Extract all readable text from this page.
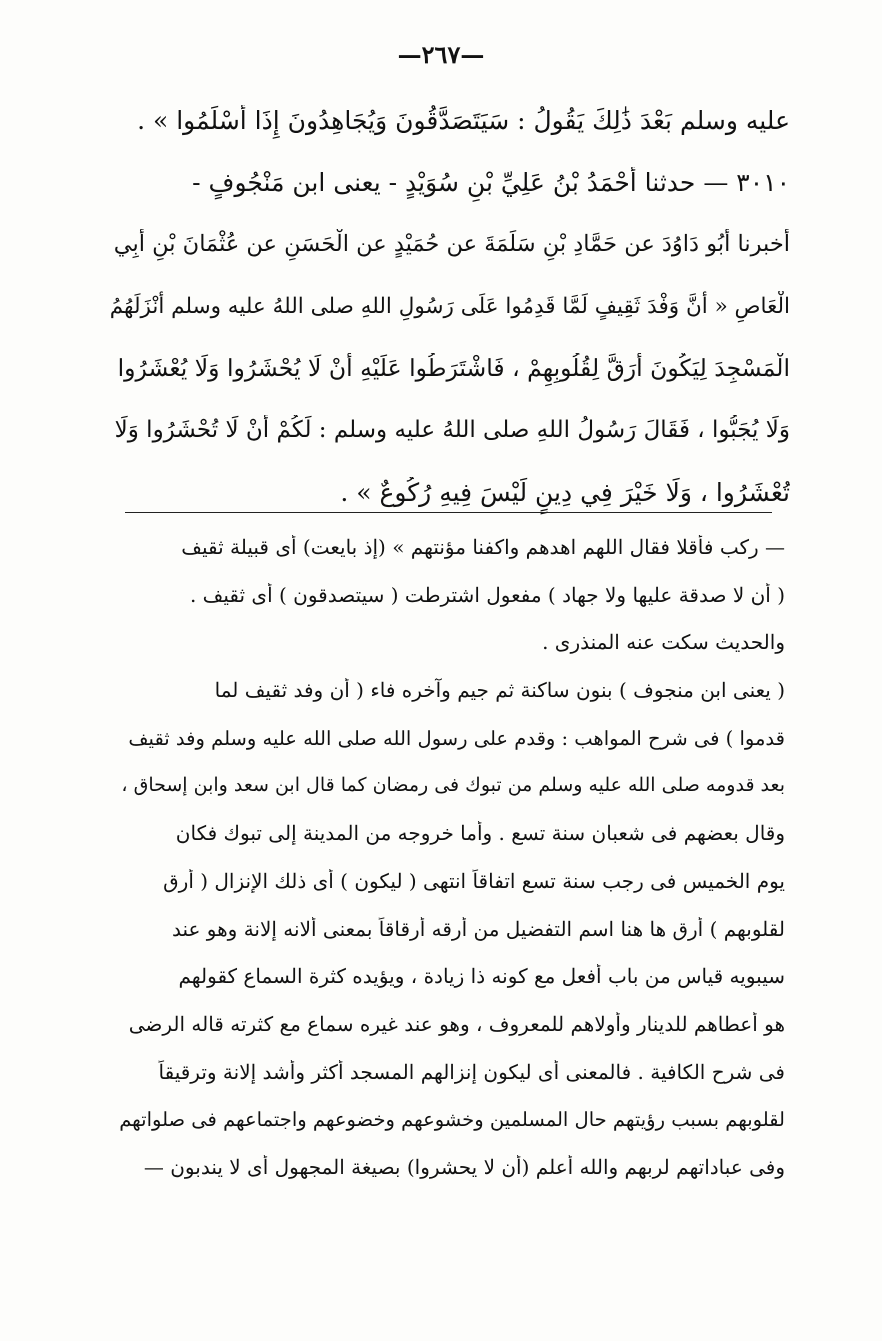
—٢٦٧—
عليه وسلم بَعْدَ ذَٰلِكَ يَقُولُ : سَيَتَصَدَّقُونَ وَيُجَاهِدُونَ إِذَا أَسْلَمُوا » .
٣٠١٠ — حدثنا أَحْمَدُ بْنُ عَلِيِّ بْنِ سُوَيْدٍ - يعنى ابن مَنْجُوفٍ -
أخبرنا أَبُو دَاوُدَ عن حَمَّادِ بْنِ سَلَمَةَ عن حُمَيْدٍ عن الْحَسَنِ عن عُثْمَانَ بْنِ أَبِي
الْعَاصِ « أَنَّ وَفْدَ ثَقِيفٍ لَمَّا قَدِمُوا عَلَى رَسُولِ اللهِ صلى اللهُ عليه وسلم أَنْزَلَهُمُ
الْمَسْجِدَ لِيَكُونَ أَرَقَّ لِقُلُوبِهِمْ ، فَاشْتَرَطُوا عَلَيْهِ أَنْ لَا يُحْشَرُوا وَلَا يُعْشَرُوا
وَلَا يُجَبُّوا ، فَقَالَ رَسُولُ اللهِ صلى اللهُ عليه وسلم : لَكُمْ أَنْ لَا تُحْشَرُوا وَلَا
تُعْشَرُوا ، وَلَا خَيْرَ فِي دِينٍ لَيْسَ فِيهِ رُكُوعٌ » .
— ركب فأقلا فقال اللهم اهدهم واكفنا مؤنتهم » (إذ بايعت) أى قبيلة ثقيف
( أن لا صدقة عليها ولا جهاد ) مفعول اشترطت ( سيتصدقون ) أى ثقيف .
والحديث سكت عنه المنذرى .
( يعنى ابن منجوف ) بنون ساكنة ثم جيم وآخره فاء ( أن وفد ثقيف لما
قدموا ) فى شرح المواهب : وقدم على رسول الله صلى الله عليه وسلم وفد ثقيف
بعد قدومه صلى الله عليه وسلم من تبوك فى رمضان كما قال ابن سعد وابن إسحاق ،
وقال بعضهم فى شعبان سنة تسع . وأما خروجه من المدينة إلى تبوك فكان
يوم الخميس فى رجب سنة تسع اتفاقاً انتهى ( ليكون ) أى ذلك الإنزال ( أرق
لقلوبهم ) أرق ها هنا اسم التفضيل من أرقه أرقاقاً بمعنى ألانه إلانة وهو عند
سيبويه قياس من باب أفعل مع كونه ذا زيادة ، ويؤيده كثرة السماع كقولهم
هو أعطاهم للدينار وأولاهم للمعروف ، وهو عند غيره سماع مع كثرته قاله الرضى
فى شرح الكافية . فالمعنى أى ليكون إنزالهم المسجد أكثر وأشد إلانة وترقيقاً
لقلوبهم بسبب رؤيتهم حال المسلمين وخشوعهم وخضوعهم واجتماعهم فى صلواتهم
وفى عباداتهم لربهم والله أعلم (أن لا يحشروا) بصيغة المجهول أى لا يندبون —
